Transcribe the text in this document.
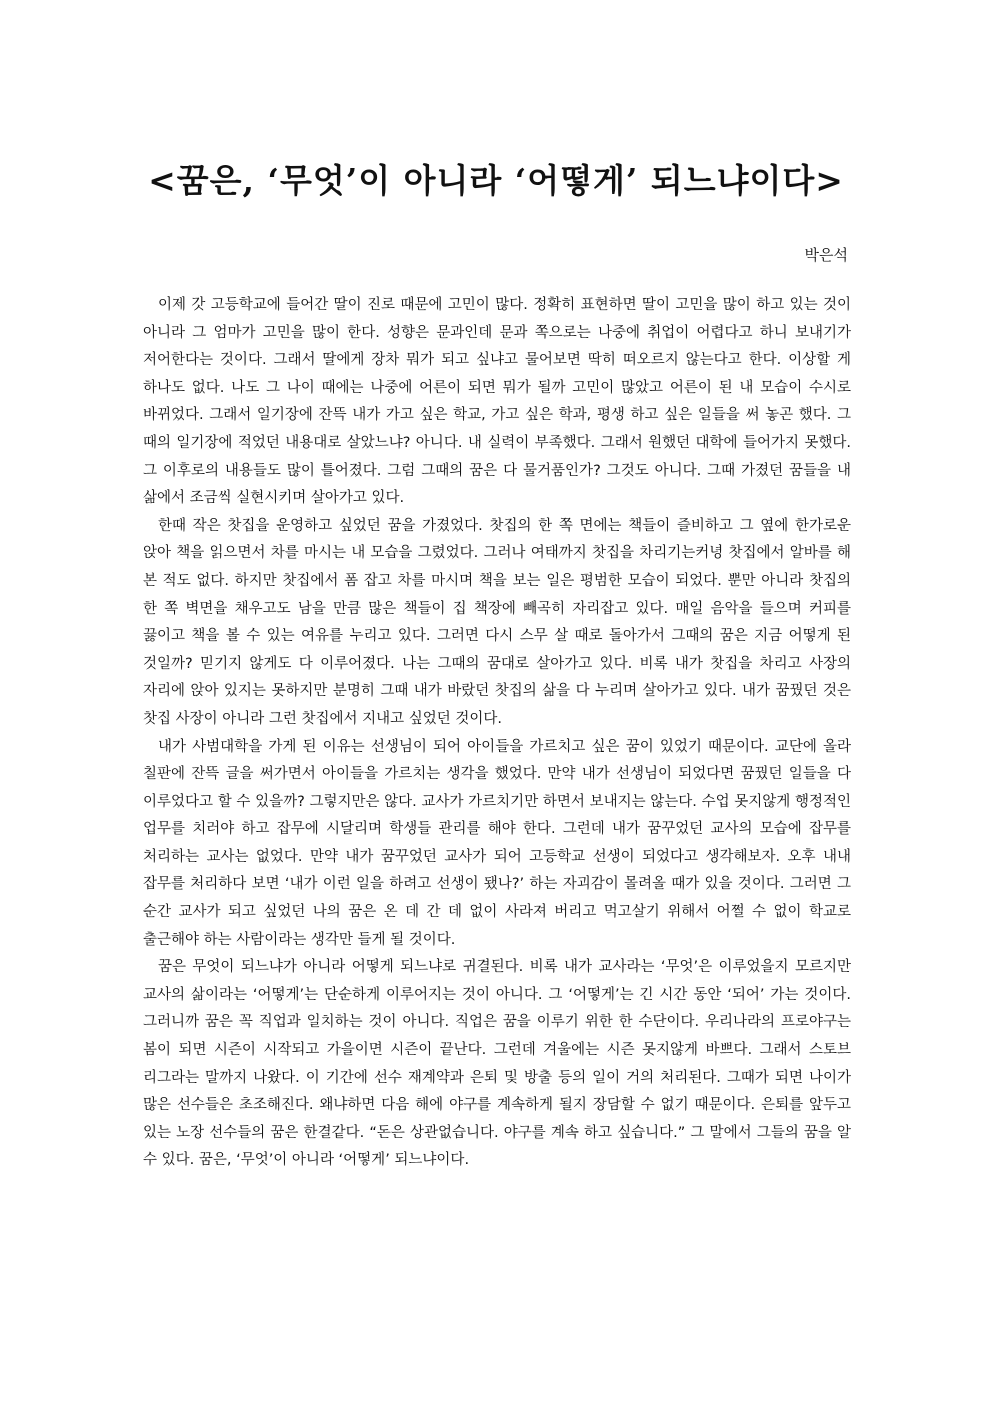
<꿈은, ‘무엇’이 아니라 ‘어떻게’ 되느냐이다>

박은석

이제 갓 고등학교에 들어간 딸이 진로 때문에 고민이 많다. 정확히 표현하면 딸이 고민을 많이 하고 있는 것이 아니라 그 엄마가 고민을 많이 한다. 성향은 문과인데 문과 쪽으로는 나중에 취업이 어렵다고 하니 보내기가 저어한다는 것이다. 그래서 딸에게 장차 뭐가 되고 싶냐고 물어보면 딱히 떠오르지 않는다고 한다. 이상할 게 하나도 없다. 나도 그 나이 때에는 나중에 어른이 되면 뭐가 될까 고민이 많았고 어른이 된 내 모습이 수시로 바뀌었다. 그래서 일기장에 잔뜩 내가 가고 싶은 학교, 가고 싶은 학과, 평생 하고 싶은 일들을 써 놓곤 했다. 그 때의 일기장에 적었던 내용대로 살았느냐? 아니다. 내 실력이 부족했다. 그래서 원했던 대학에 들어가지 못했다. 그 이후로의 내용들도 많이 틀어졌다. 그럼 그때의 꿈은 다 물거품인가? 그것도 아니다. 그때 가졌던 꿈들을 내 삶에서 조금씩 실현시키며 살아가고 있다.

한때 작은 찻집을 운영하고 싶었던 꿈을 가졌었다. 찻집의 한 쪽 면에는 책들이 즐비하고 그 옆에 한가로운 앉아 책을 읽으면서 차를 마시는 내 모습을 그렸었다. 그러나 여태까지 찻집을 차리기는커녕 찻집에서 알바를 해 본 적도 없다. 하지만 찻집에서 폼 잡고 차를 마시며 책을 보는 일은 평범한 모습이 되었다. 뿐만 아니라 찻집의 한 쪽 벽면을 채우고도 남을 만큼 많은 책들이 집 책장에 빼곡히 자리잡고 있다. 매일 음악을 들으며 커피를 끓이고 책을 볼 수 있는 여유를 누리고 있다. 그러면 다시 스무 살 때로 돌아가서 그때의 꿈은 지금 어떻게 된 것일까? 믿기지 않게도 다 이루어졌다. 나는 그때의 꿈대로 살아가고 있다. 비록 내가 찻집을 차리고 사장의 자리에 앉아 있지는 못하지만 분명히 그때 내가 바랐던 찻집의 삶을 다 누리며 살아가고 있다. 내가 꿈꿨던 것은 찻집 사장이 아니라 그런 찻집에서 지내고 싶었던 것이다.

내가 사범대학을 가게 된 이유는 선생님이 되어 아이들을 가르치고 싶은 꿈이 있었기 때문이다. 교단에 올라 칠판에 잔뜩 글을 써가면서 아이들을 가르치는 생각을 했었다. 만약 내가 선생님이 되었다면 꿈꿨던 일들을 다 이루었다고 할 수 있을까? 그렇지만은 않다. 교사가 가르치기만 하면서 보내지는 않는다. 수업 못지않게 행정적인 업무를 치러야 하고 잡무에 시달리며 학생들 관리를 해야 한다. 그런데 내가 꿈꾸었던 교사의 모습에 잡무를 처리하는 교사는 없었다. 만약 내가 꿈꾸었던 교사가 되어 고등학교 선생이 되었다고 생각해보자. 오후 내내 잡무를 처리하다 보면 ‘내가 이런 일을 하려고 선생이 됐나?’ 하는 자괴감이 몰려올 때가 있을 것이다. 그러면 그 순간 교사가 되고 싶었던 나의 꿈은 온 데 간 데 없이 사라져 버리고 먹고살기 위해서 어쩔 수 없이 학교로 출근해야 하는 사람이라는 생각만 들게 될 것이다.

꿈은 무엇이 되느냐가 아니라 어떻게 되느냐로 귀결된다. 비록 내가 교사라는 ‘무엇’은 이루었을지 모르지만 교사의 삶이라는 ‘어떻게’는 단순하게 이루어지는 것이 아니다. 그 ‘어떻게’는 긴 시간 동안 ‘되어’ 가는 것이다. 그러니까 꿈은 꼭 직업과 일치하는 것이 아니다. 직업은 꿈을 이루기 위한 한 수단이다. 우리나라의 프로야구는 봄이 되면 시즌이 시작되고 가을이면 시즌이 끝난다. 그런데 겨울에는 시즌 못지않게 바쁘다. 그래서 스토브 리그라는 말까지 나왔다. 이 기간에 선수 재계약과 은퇴 및 방출 등의 일이 거의 처리된다. 그때가 되면 나이가 많은 선수들은 초조해진다. 왜냐하면 다음 해에 야구를 계속하게 될지 장담할 수 없기 때문이다. 은퇴를 앞두고 있는 노장 선수들의 꿈은 한결같다. “돈은 상관없습니다. 야구를 계속 하고 싶습니다.” 그 말에서 그들의 꿈을 알 수 있다. 꿈은, ‘무엇’이 아니라 ‘어떻게’ 되느냐이다.
